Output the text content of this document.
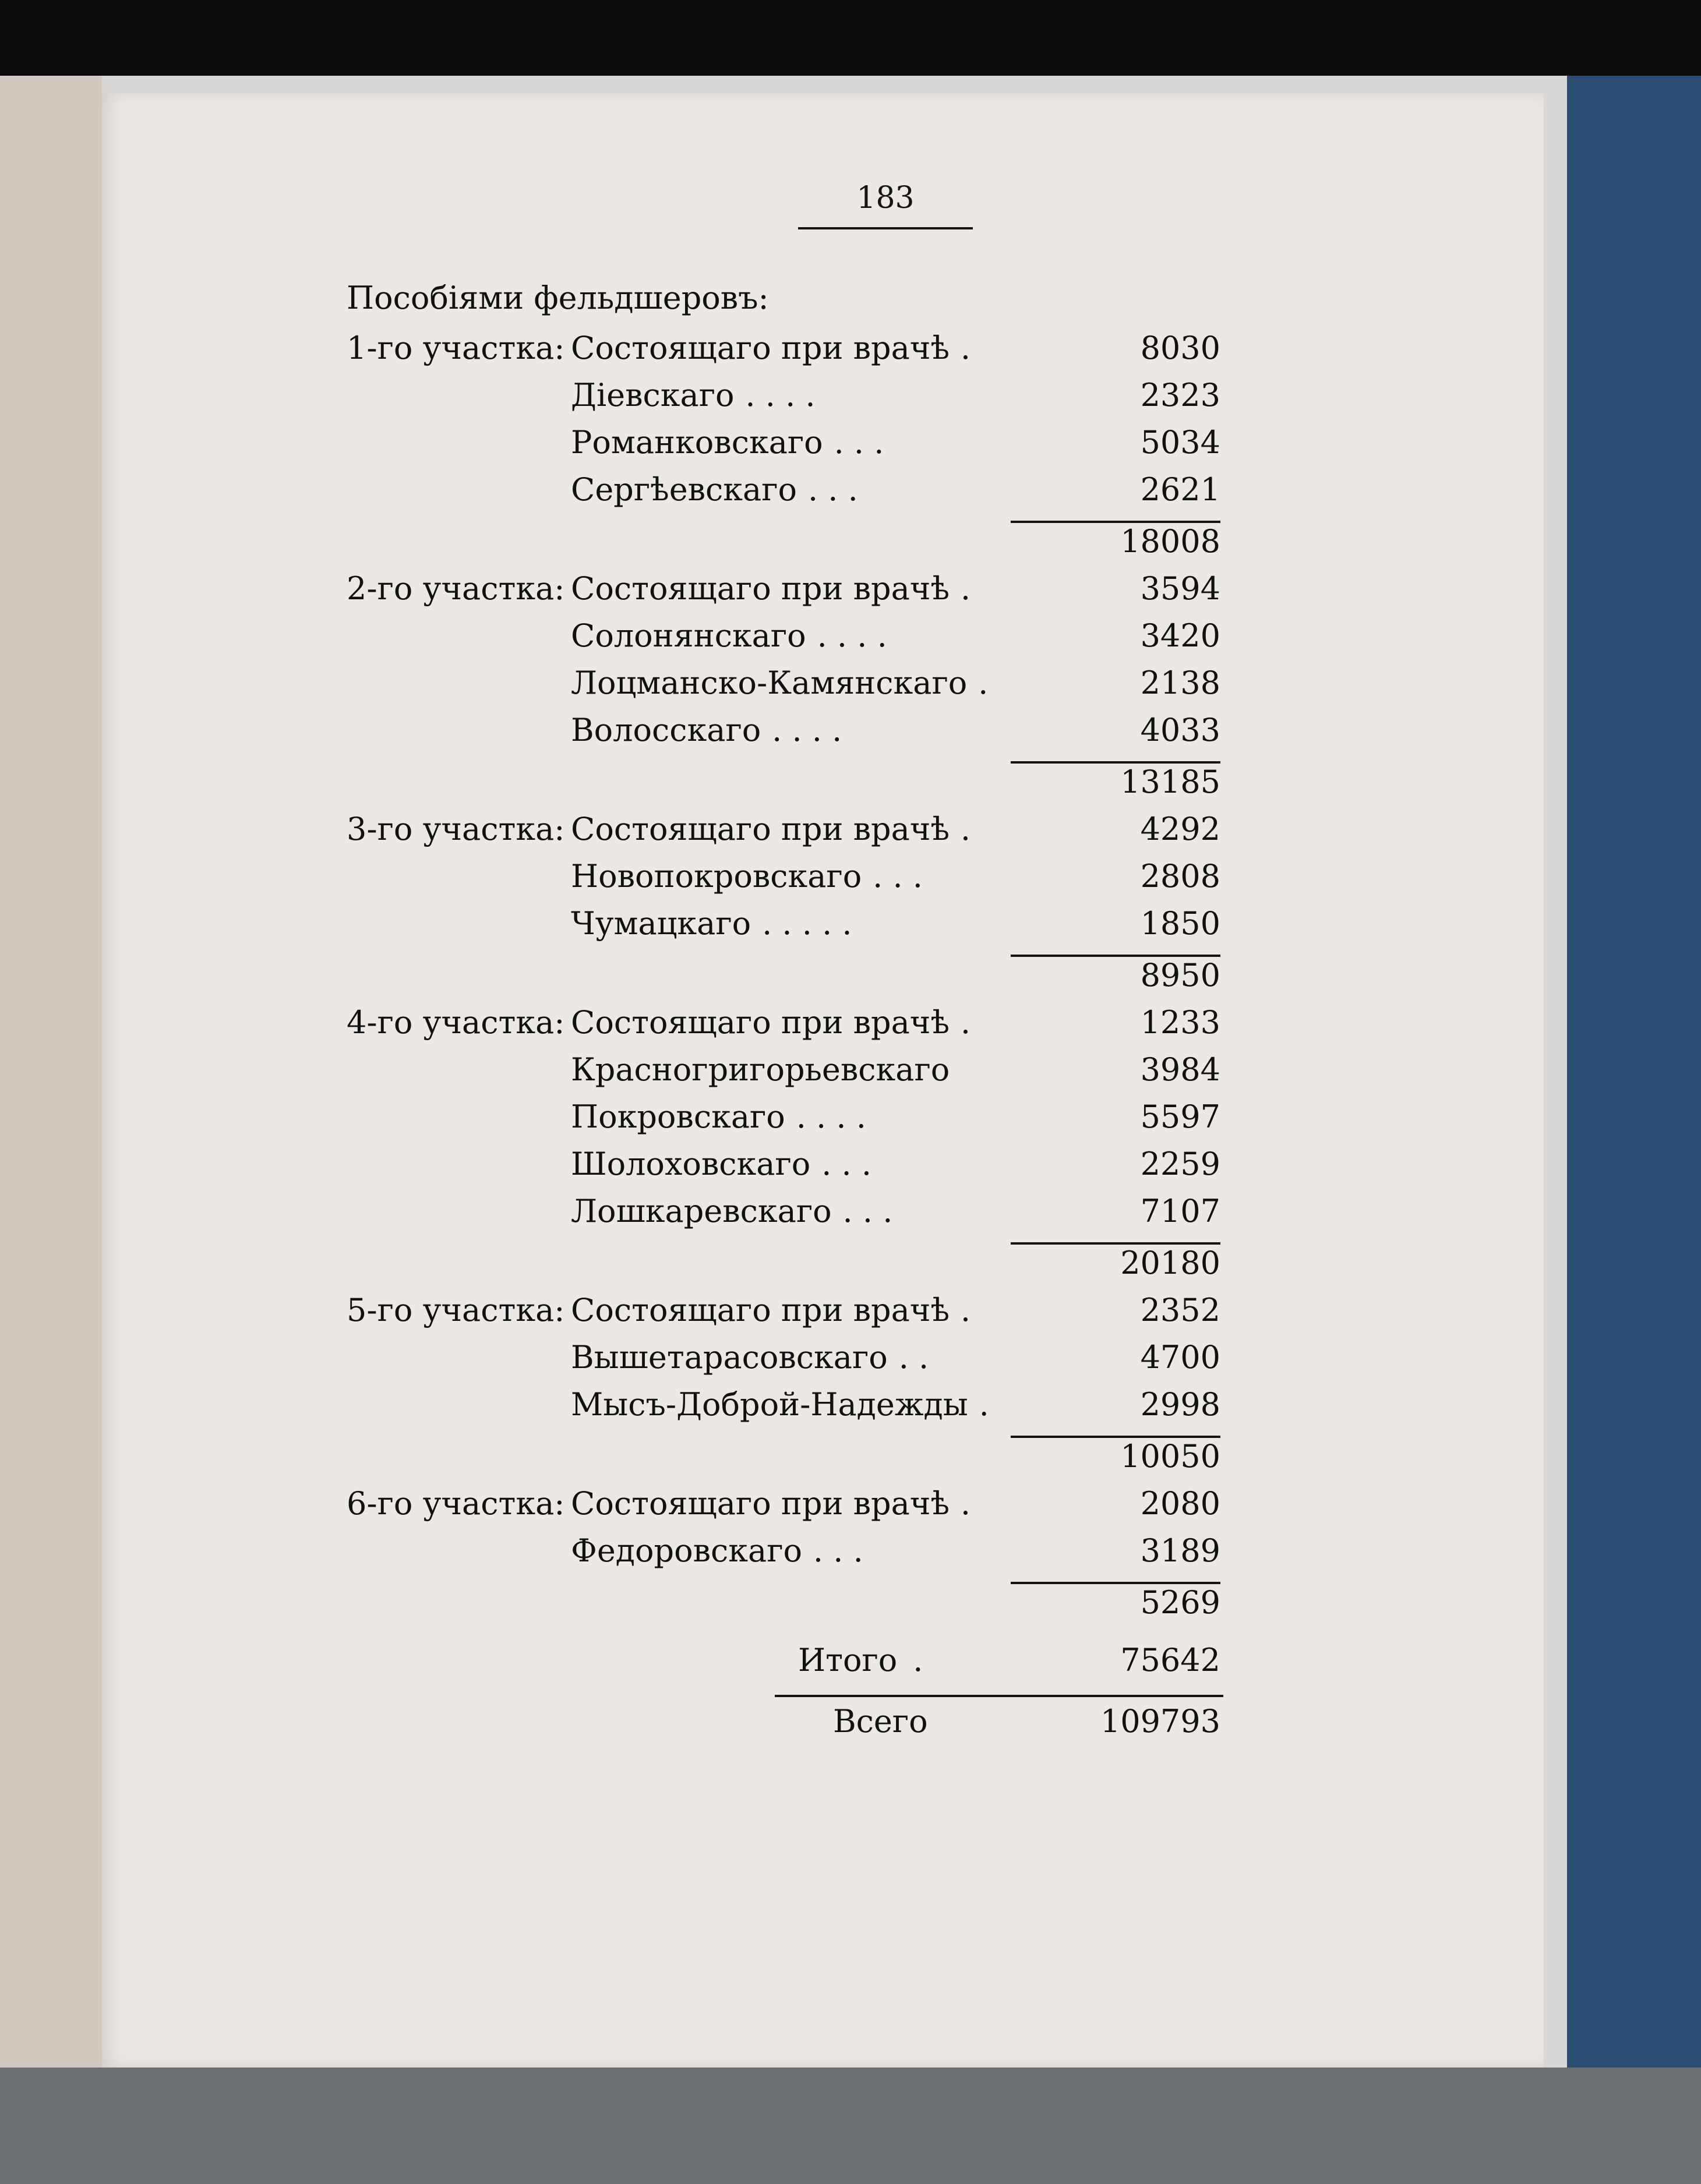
183
Пособіями фельдшеровъ:
1-го участка: Состоящаго при врачѣ .	8030
Діевскаго . . . .	2323
Романковскаго . . .	5034
Сергѣевскаго . . .	2621
18008
2-го участка: Состоящаго при врачѣ .	3594
Солонянскаго . . . .	3420
Лоцманско-Камянскаго .	2138
Волосскаго . . . .	4033
13185
3-го участка: Состоящаго при врачѣ .	4292
Новопокровскаго . . .	2808
Чумацкаго . . . . .	1850
8950
4-го участка: Состоящаго при врачѣ .	1233
Красногригорьевскаго	3984
Покровскаго . . . .	5597
Шолоховскаго . . .	2259
Лошкаревскаго . . .	7107
20180
5-го участка: Состоящаго при врачѣ .	2352
Вышетарасовскаго . .	4700
Мысъ-Доброй-Надежды .	2998
10050
6-го участка: Состоящаго при врачѣ .	2080
Федоровскаго . . .	3189
5269
Итого .	75642
Всего	109793
